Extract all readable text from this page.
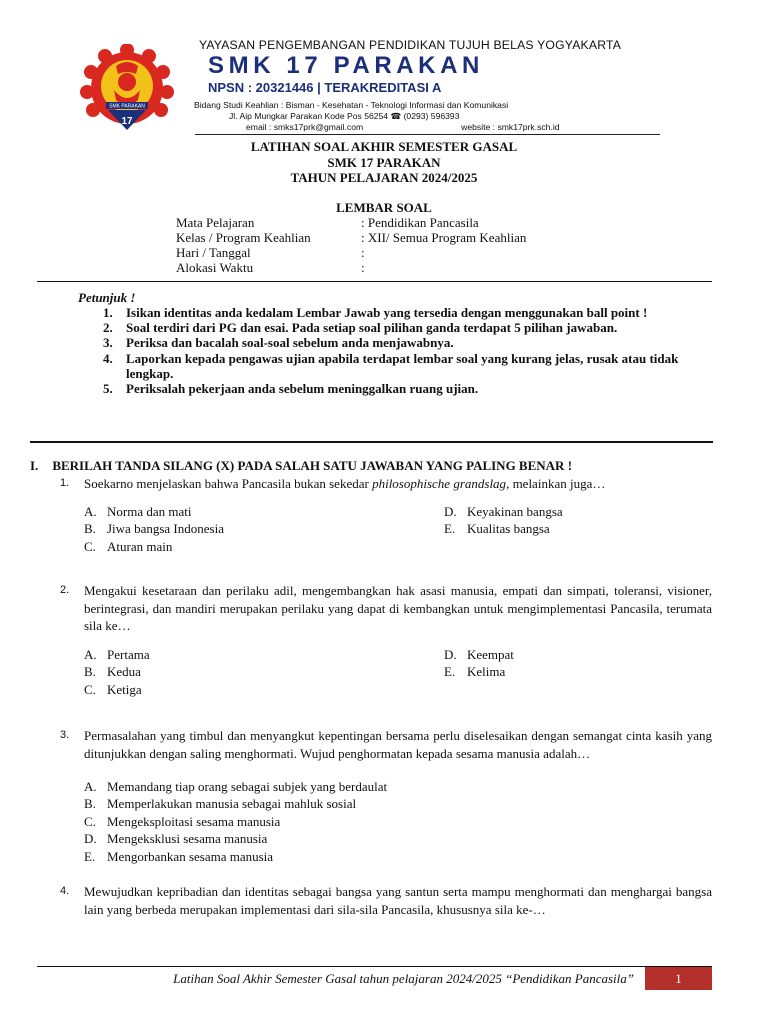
SMK PARAKAN
17
YAYASAN PENGEMBANGAN PENDIDIKAN TUJUH BELAS YOGYAKARTA
SMK 17 PARAKAN
NPSN : 20321446 | TERAKREDITASI A
Bidang Studi Keahlian : Bisman - Kesehatan - Teknologi Informasi dan Komunikasi
Jl. Aip Mungkar Parakan Kode Pos 56254 ☎ (0293) 596393
email : smks17prk@gmail.com	website : smk17prk.sch.id
LATIHAN SOAL AKHIR SEMESTER GASAL
SMK 17 PARAKAN
TAHUN PELAJARAN 2024/2025
LEMBAR SOAL
Mata Pelajaran	: Pendidikan Pancasila
Kelas / Program Keahlian	: XII/ Semua Program Keahlian
Hari / Tanggal	:
Alokasi Waktu	:
Petunjuk !
1. Isikan identitas anda kedalam Lembar Jawab yang tersedia dengan menggunakan ball point !
2. Soal terdiri dari PG dan esai. Pada setiap soal pilihan ganda terdapat 5 pilihan jawaban.
3. Periksa dan bacalah soal-soal sebelum anda menjawabnya.
4. Laporkan kepada pengawas ujian apabila terdapat lembar soal yang kurang jelas, rusak atau tidak lengkap.
5. Periksalah pekerjaan anda sebelum meninggalkan ruang ujian.
I. BERILAH TANDA SILANG (X) PADA SALAH SATU JAWABAN YANG PALING BENAR !
1. Soekarno menjelaskan bahwa Pancasila bukan sekedar philosophische grandslag, melainkan juga…
A. Norma dan mati
B. Jiwa bangsa Indonesia
C. Aturan main
D. Keyakinan bangsa
E. Kualitas bangsa
2. Mengakui kesetaraan dan perilaku adil, mengembangkan hak asasi manusia, empati dan simpati, toleransi, visioner, berintegrasi, dan mandiri merupakan perilaku yang dapat di kembangkan untuk mengimplementasi Pancasila, terumata sila ke…
A. Pertama
B. Kedua
C. Ketiga
D. Keempat
E. Kelima
3. Permasalahan yang timbul dan menyangkut kepentingan bersama perlu diselesaikan dengan semangat cinta kasih yang ditunjukkan dengan saling menghormati. Wujud penghormatan kepada sesama manusia adalah…
A. Memandang tiap orang sebagai subjek yang berdaulat
B. Memperlakukan manusia sebagai mahluk sosial
C. Mengeksploitasi sesama manusia
D. Mengeksklusi sesama manusia
E. Mengorbankan sesama manusia
4. Mewujudkan kepribadian dan identitas sebagai bangsa yang santun serta mampu menghormati dan menghargai bangsa lain yang berbeda merupakan implementasi dari sila-sila Pancasila, khususnya sila ke-…
Latihan Soal Akhir Semester Gasal tahun pelajaran 2024/2025 “Pendidikan Pancasila”	1
